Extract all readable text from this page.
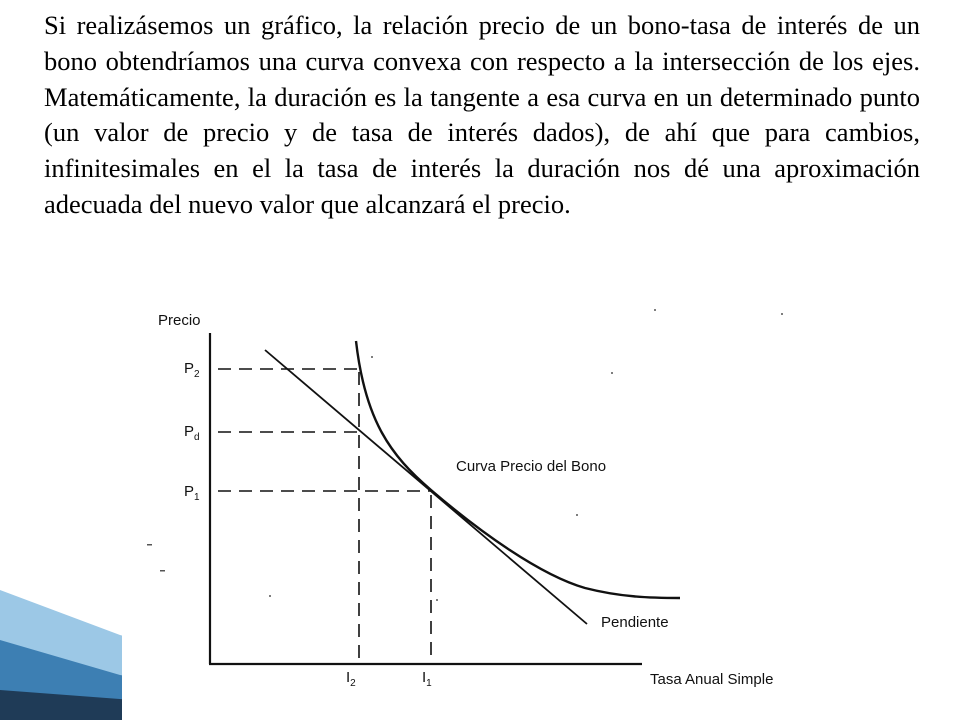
Si realizásemos un gráfico, la relación precio de un bono-tasa de interés de un bono obtendríamos una curva convexa con respecto a la intersección de los ejes. Matemáticamente, la duración es la tangente a esa curva en un determinado punto (un valor de precio y de tasa de interés dados), de ahí que para cambios, infinitesimales en el la tasa de interés la duración nos dé una aproximación adecuada del nuevo valor que alcanzará el precio.

Precio
$P_2$
$P_d$
$P_1$
$I_2$	$I_1$
Curva Precio del Bono
Pendiente
Tasa Anual Simple
